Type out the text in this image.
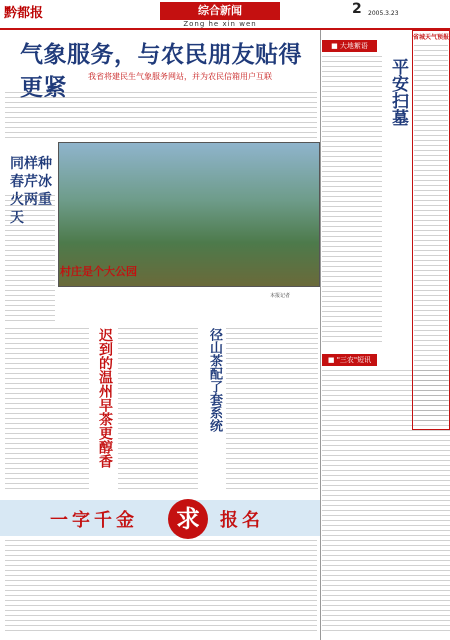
黔都报	综合新闻
Zong he xin wen
2 2005.3.23
气象服务，与农民朋友贴得更紧	我省将建民生气象服务网站，并为农民信箱用户互联
同样种春芹冰火两重天
村庄是个大公园
本报记者
迟到的温州早茶更醇香	径山茶配了套系统
一字千金	求	报名
■ 大地絮语
平安扫墓
■ "三农"短讯
省城天气预报
